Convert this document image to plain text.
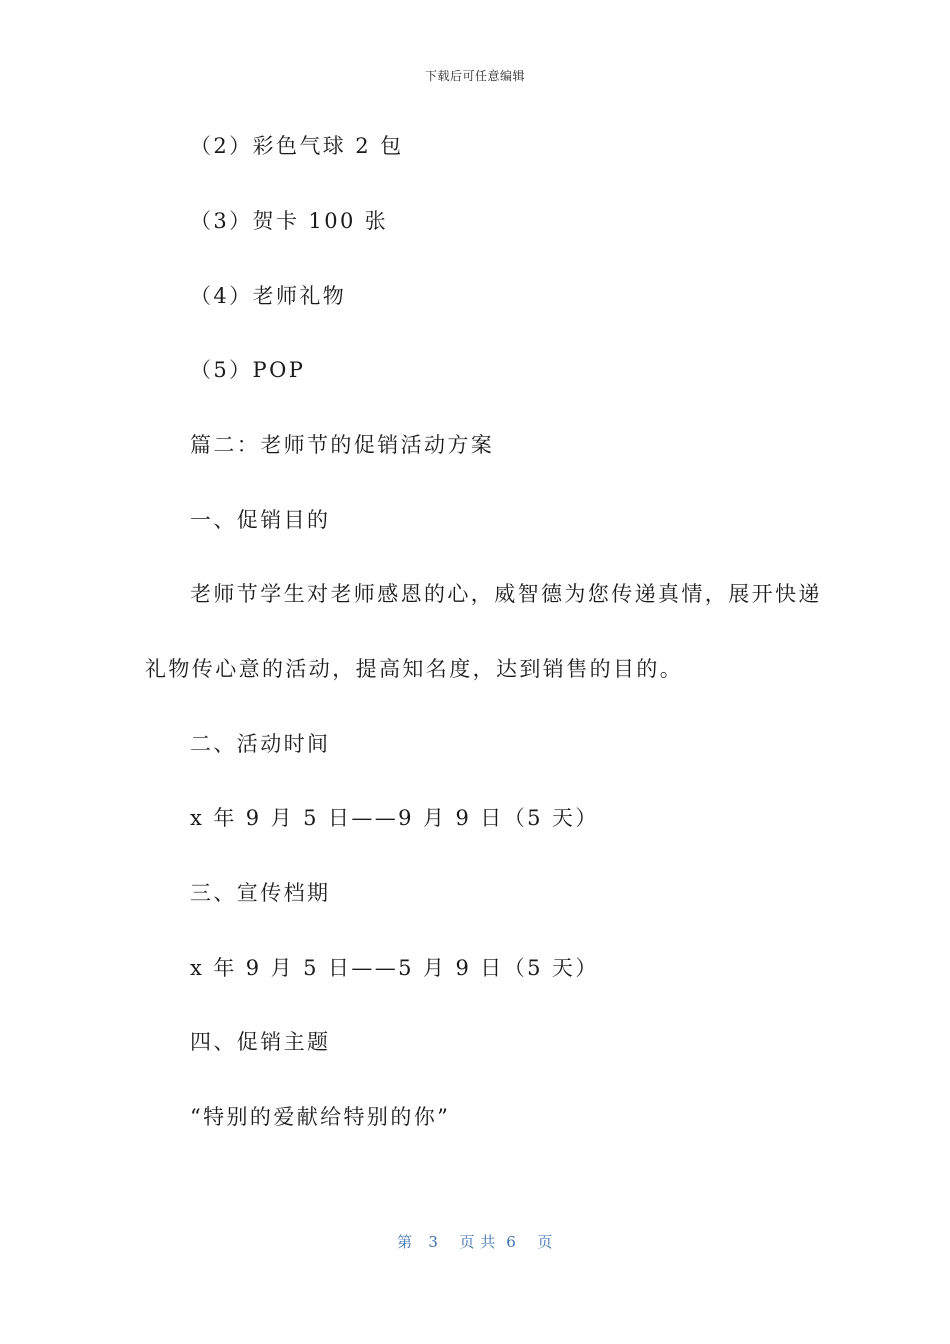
下载后可任意编辑
（2）彩色气球 2 包
（3）贺卡 100 张
（4）老师礼物
（5）POP
篇二：老师节的促销活动方案
一、促销目的
老师节学生对老师感恩的心，威智德为您传递真情，展开快递
礼物传心意的活动，提高知名度，达到销售的目的。
二、活动时间
x 年 9 月 5 日——9 月 9 日（5 天）
三、宣传档期
x 年 9 月 5 日——5 月 9 日（5 天）
四、促销主题
“特别的爱献给特别的你”
第   3    页 共  6    页
